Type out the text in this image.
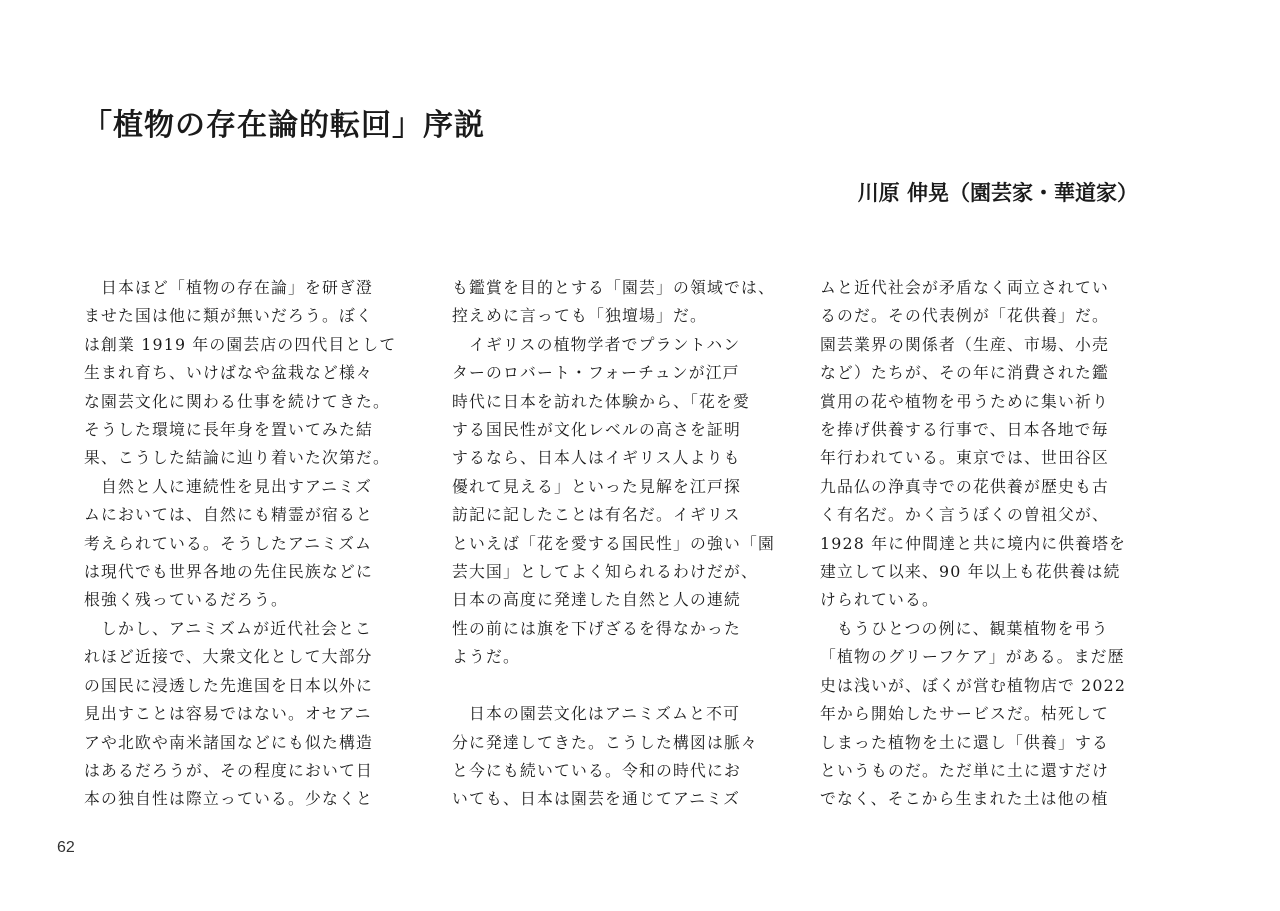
「植物の存在論的転回」序説
川原 伸晃（園芸家・華道家）

　日本ほど「植物の存在論」を研ぎ澄

ませた国は他に類が無いだろう。ぼく

は創業 1919 年の園芸店の四代目として

生まれ育ち、いけばなや盆栽など様々

な園芸文化に関わる仕事を続けてきた。

そうした環境に長年身を置いてみた結

果、こうした結論に辿り着いた次第だ。

　自然と人に連続性を見出すアニミズ

ムにおいては、自然にも精霊が宿ると

考えられている。そうしたアニミズム

は現代でも世界各地の先住民族などに

根強く残っているだろう。

　しかし、アニミズムが近代社会とこ

れほど近接で、大衆文化として大部分

の国民に浸透した先進国を日本以外に

見出すことは容易ではない。オセアニ

アや北欧や南米諸国などにも似た構造

はあるだろうが、その程度において日

本の独自性は際立っている。少なくと

も鑑賞を目的とする「園芸」の領域では、

控えめに言っても「独壇場」だ。

　イギリスの植物学者でプラントハン

ターのロバート・フォーチュンが江戸

時代に日本を訪れた体験から、「花を愛

する国民性が文化レベルの高さを証明

するなら、日本人はイギリス人よりも

優れて見える」といった見解を江戸探

訪記に記したことは有名だ。イギリス

といえば「花を愛する国民性」の強い「園

芸大国」としてよく知られるわけだが、

日本の高度に発達した自然と人の連続

性の前には旗を下げざるを得なかった

ようだ。

　日本の園芸文化はアニミズムと不可

分に発達してきた。こうした構図は脈々

と今にも続いている。令和の時代にお

いても、日本は園芸を通じてアニミズ

ムと近代社会が矛盾なく両立されてい

るのだ。その代表例が「花供養」だ。

園芸業界の関係者（生産、市場、小売

など）たちが、その年に消費された鑑

賞用の花や植物を弔うために集い祈り

を捧げ供養する行事で、日本各地で毎

年行われている。東京では、世田谷区

九品仏の浄真寺での花供養が歴史も古

く有名だ。かく言うぼくの曽祖父が、

1928 年に仲間達と共に境内に供養塔を

建立して以来、90 年以上も花供養は続

けられている。

　もうひとつの例に、観葉植物を弔う

「植物のグリーフケア」がある。まだ歴

史は浅いが、ぼくが営む植物店で 2022

年から開始したサービスだ。枯死して

しまった植物を土に還し「供養」する

というものだ。ただ単に土に還すだけ

でなく、そこから生まれた土は他の植

62
